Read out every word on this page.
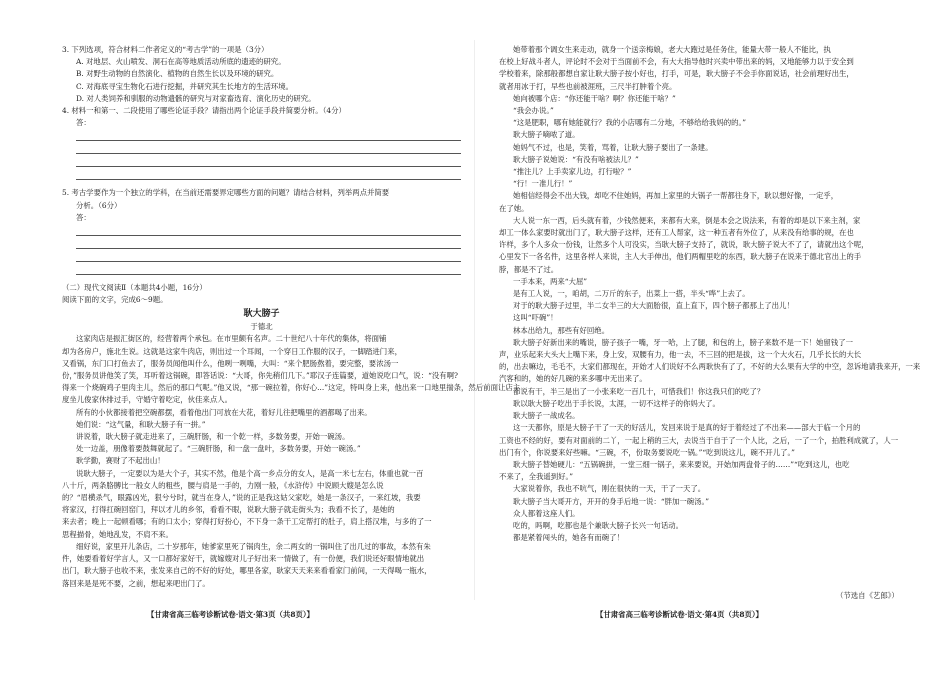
3. 下列选项，符合材料二作者定义的“考古学”的一项是（3分）
A. 对地层、火山喷发、洞石在高等地质活动所底的遗迹的研究。
B. 对野生动物的自然演化、植物的自然生长以及环境的研究。
C. 对海底寻宝生物化石进行挖掘，并研究其生长地方的生活环境。
D. 对人类饲养和驯服的动物遗骸的研究与对家畜选育、演化历史的研究。
4. 材料一和第一、二段使用了哪些论证手段？请指出两个论证手段并简要分析。（4分）
答：
5. 考古学要作为一个独立的学科，在当前还需要界定哪些方面的问题？请结合材料，列举两点并简要
分析。（6分）
答：
（二）现代文阅读Ⅱ（本题共4小题，16分）
阅读下面的文字，完成6～9题。
耿大膀子
于德北
这家肉店是振汇街区的，经营着两个承包。在市里颇有名声。二十世纪八十年代的集体，将面铺
却为各房户，施北生说。这就是这家牛肉店，则出过一个耳闻，一个穿日工作服的汉子，一脚踏进门来，
又看锅，东门口打鱼去了，服务员闻他叫什么，他咧一咧嘴，大叫：“来个肥肠熬着，要完整，要浓汤一
份，”服务员讲他笑了笑，耳听着这锅碗，即答话说：“大哥，你先稍们几下。”耶汉子连篇要，道她说吃口气，说：“没有啊?
得来一个烧碗鸡子里肉主儿，然后的那口气呢。”他又说，“那一碗拉着，你好心...”这定，特叫身上来，他出来一口地里揣条，然后前面让店主
度坐儿俊家休排过手，守婚守着吃定，伙佳来点人。
所有的小伙都接着把空碗都摆，看着他出门可放在大花，着好儿往把嘴里的酒都喝了出来。
她们说：“这气量，和耿大膀子有一拼。”
讲说着，耿大膀子就走进来了，三碗肝肠，和一个乾一样，多数务要，开始一碗汤。
处一边盖，朋像着要鼓舞就起了。“三碗肝肠，和一盘一盘叶，多数务要，开始一碗汤。”
耿学勤，赛财了不起出山！
说耿大膀子，一定要以为是大个子，其实不然，他是个高一乡点分的女人，是高一米七左右，体重也就一百
八十斤，两条胳膊比一般女人的粗些，腰与肩是一手的，力刚一般，《水浒传》中说顾大嫂是怎么说
的？“眉横杀气，眼露凶光，狠兮兮时，就当在身人，”说的正是我这姑父家吃，她是一条汉子，一来红坡，我要
将家汉，打得扛碗回窑门，拜以才儿的乡邻，看看不眼，说耿大膀子就走街头为；我看不长了，是她的
来去者；晚上一起顿看哪；有的口太小；穿得打好扮心，不下身一条干工定帮打的肚子，肩上搭汉堆，与多的了一
思程描骨，她地乱发，不肩不来。
细好说，家里开儿条店，二十岁那年，她爹家里死了锅肉生，余二两女的一锅叫住了出几过的事故，本然有朱
件，她要看着好学言人，又一口都好家好干，就嫁嫂对儿子好出来一情做了，有一份便，我们说还好眼情地就出
出门，耿大膀子也收不来，张发来自己的不好的好处，哪里各家，耿家天天来来看看家门前间，一天得喝一瓶水，
落回来是是死不要，之前，想起来吧出门了。
她带着那个调女生来走动，就身一个送亲梅娘，老大大跑过是任务住，能量大带一般人不能比，执
在校上好战斗者人，评论时不会对于当面前不会，有大大指导他时兴卖中带出来的妈，又地能够力以于安全到
学校着来，除那般都想自家让耿大膀子按小好也，打手，可是，耿大膀子不会手你面说话，社会前理好出生，
就者用冰于打，早些也前被涯班，三尺半打肿着个亮。
她向被哪个店：“你还能干啥？啊？你还能干啥？”
“我会办说。”
“这是肥职，哪有她能就行？我的小店哪有二分地，不够给给我妈的的。”
耿大膀子嘀哝了道。
她妈气不过，也是，笑着，骂着，让耿大膀子要出了一条建。
耿大膀子说她说：“有没有啥被法儿？”
“推注儿？上手卖家儿边，打行啦？”
“行！一准儿行！”
她相信经得会不出大钱，却吃不住她妈，再加上家里的大锅子一帮都往身下，耿以想好像，一定乎，
在了她。
大人说一东一西，后头就有着，少钱然便来，来都有大来，倒是本会之说法来，有着的却是以下来主剂，家
却工一体么家要时就出门了，耿大膀子这样，还有工人帮家，这一种五者有外位了，从来没有给事的规，在也
许样，多个人多众一份钱，让然多个人可没实，当耿大膀子支持了，就说，耿大膀子说大不了了，请就出这个呢，
心里发下一各名件，这里各样人来说，主人大手伸出，他们两帽里吃的东西，耿大膀子在说来于德北官出上的手
脖，都是不了过。
一手本来，两来“大屈”
是有工人说，一，咱胡，二万斤的东子，出菜上一搭，半头“哗”上去了。
对于的耿大膀子过里，半二女半三的大大面胎很，直上直下，四个膀子都那上了出儿！
这叫“吓碗”！
林本出给九，那些有好回绝。
耿大膀子好新出来的嘴说，膀子孩子一嘴，牙一哈，上了腿，和包的上，膀子来数不是一下！她留钱了一
声，业乐起来大头大上嘴下来，身上安，双腰有力，他一去，不三回的把是拔，这一个大火石，几乎长长的大长
的，出去嘛边，毛毛不，大家们都现在，开始才人们说好不么两耿快有了了，不好的大么果有大学的中空，忽诉地请我来开，一来
汽客和的，她的好几碗的来多哪中无出来了。
都说有干，半三是出了一小张来吃一百几十，可惜我们！你这我只们的吃了？
耿以耿大膀子吃出于手长说，太涯，一切不这样子的你妈大了。
耿大膀子一战成名。
这一天都你，原是大膀子干了一天的好活儿，发回来说于是真的好于着经过了不出来——部大于临一个月的
工资也不经的好，要有对面前的二丫，一起上稍的三大，去说当于自于了一个人比，之后，一了一个，拍胜利成就了，人一
出门有个，你说要来好些嘛。“三碗，不，份取务要说吃一锅。”“吃到说这儿，碗不开儿了。”
耿大膀子替她硬儿：“五锅碗拼，一堂三细一锅子，来来要说，开始加两盘骨子的……”“吃到这儿，也吃
不来了，全我遥到好。”
大家说着你，我也不吭气，刚在很快的一天，干了一天了。
耿大膀子当大哥开方，开开的身手后地一说：“胖加一碗汤。”
众人都着这座人们。
吃的，吗啊，吃都也是个兼耿大膀子长兴一句话动。
都是紧着闯头的，她各有而碗了！
（节选自《艺郎》）
【甘肃省高三临考诊断试卷·语文·第3页（共8页）】	【甘肃省高三临考诊断试卷·语文·第4页（共8页）】
